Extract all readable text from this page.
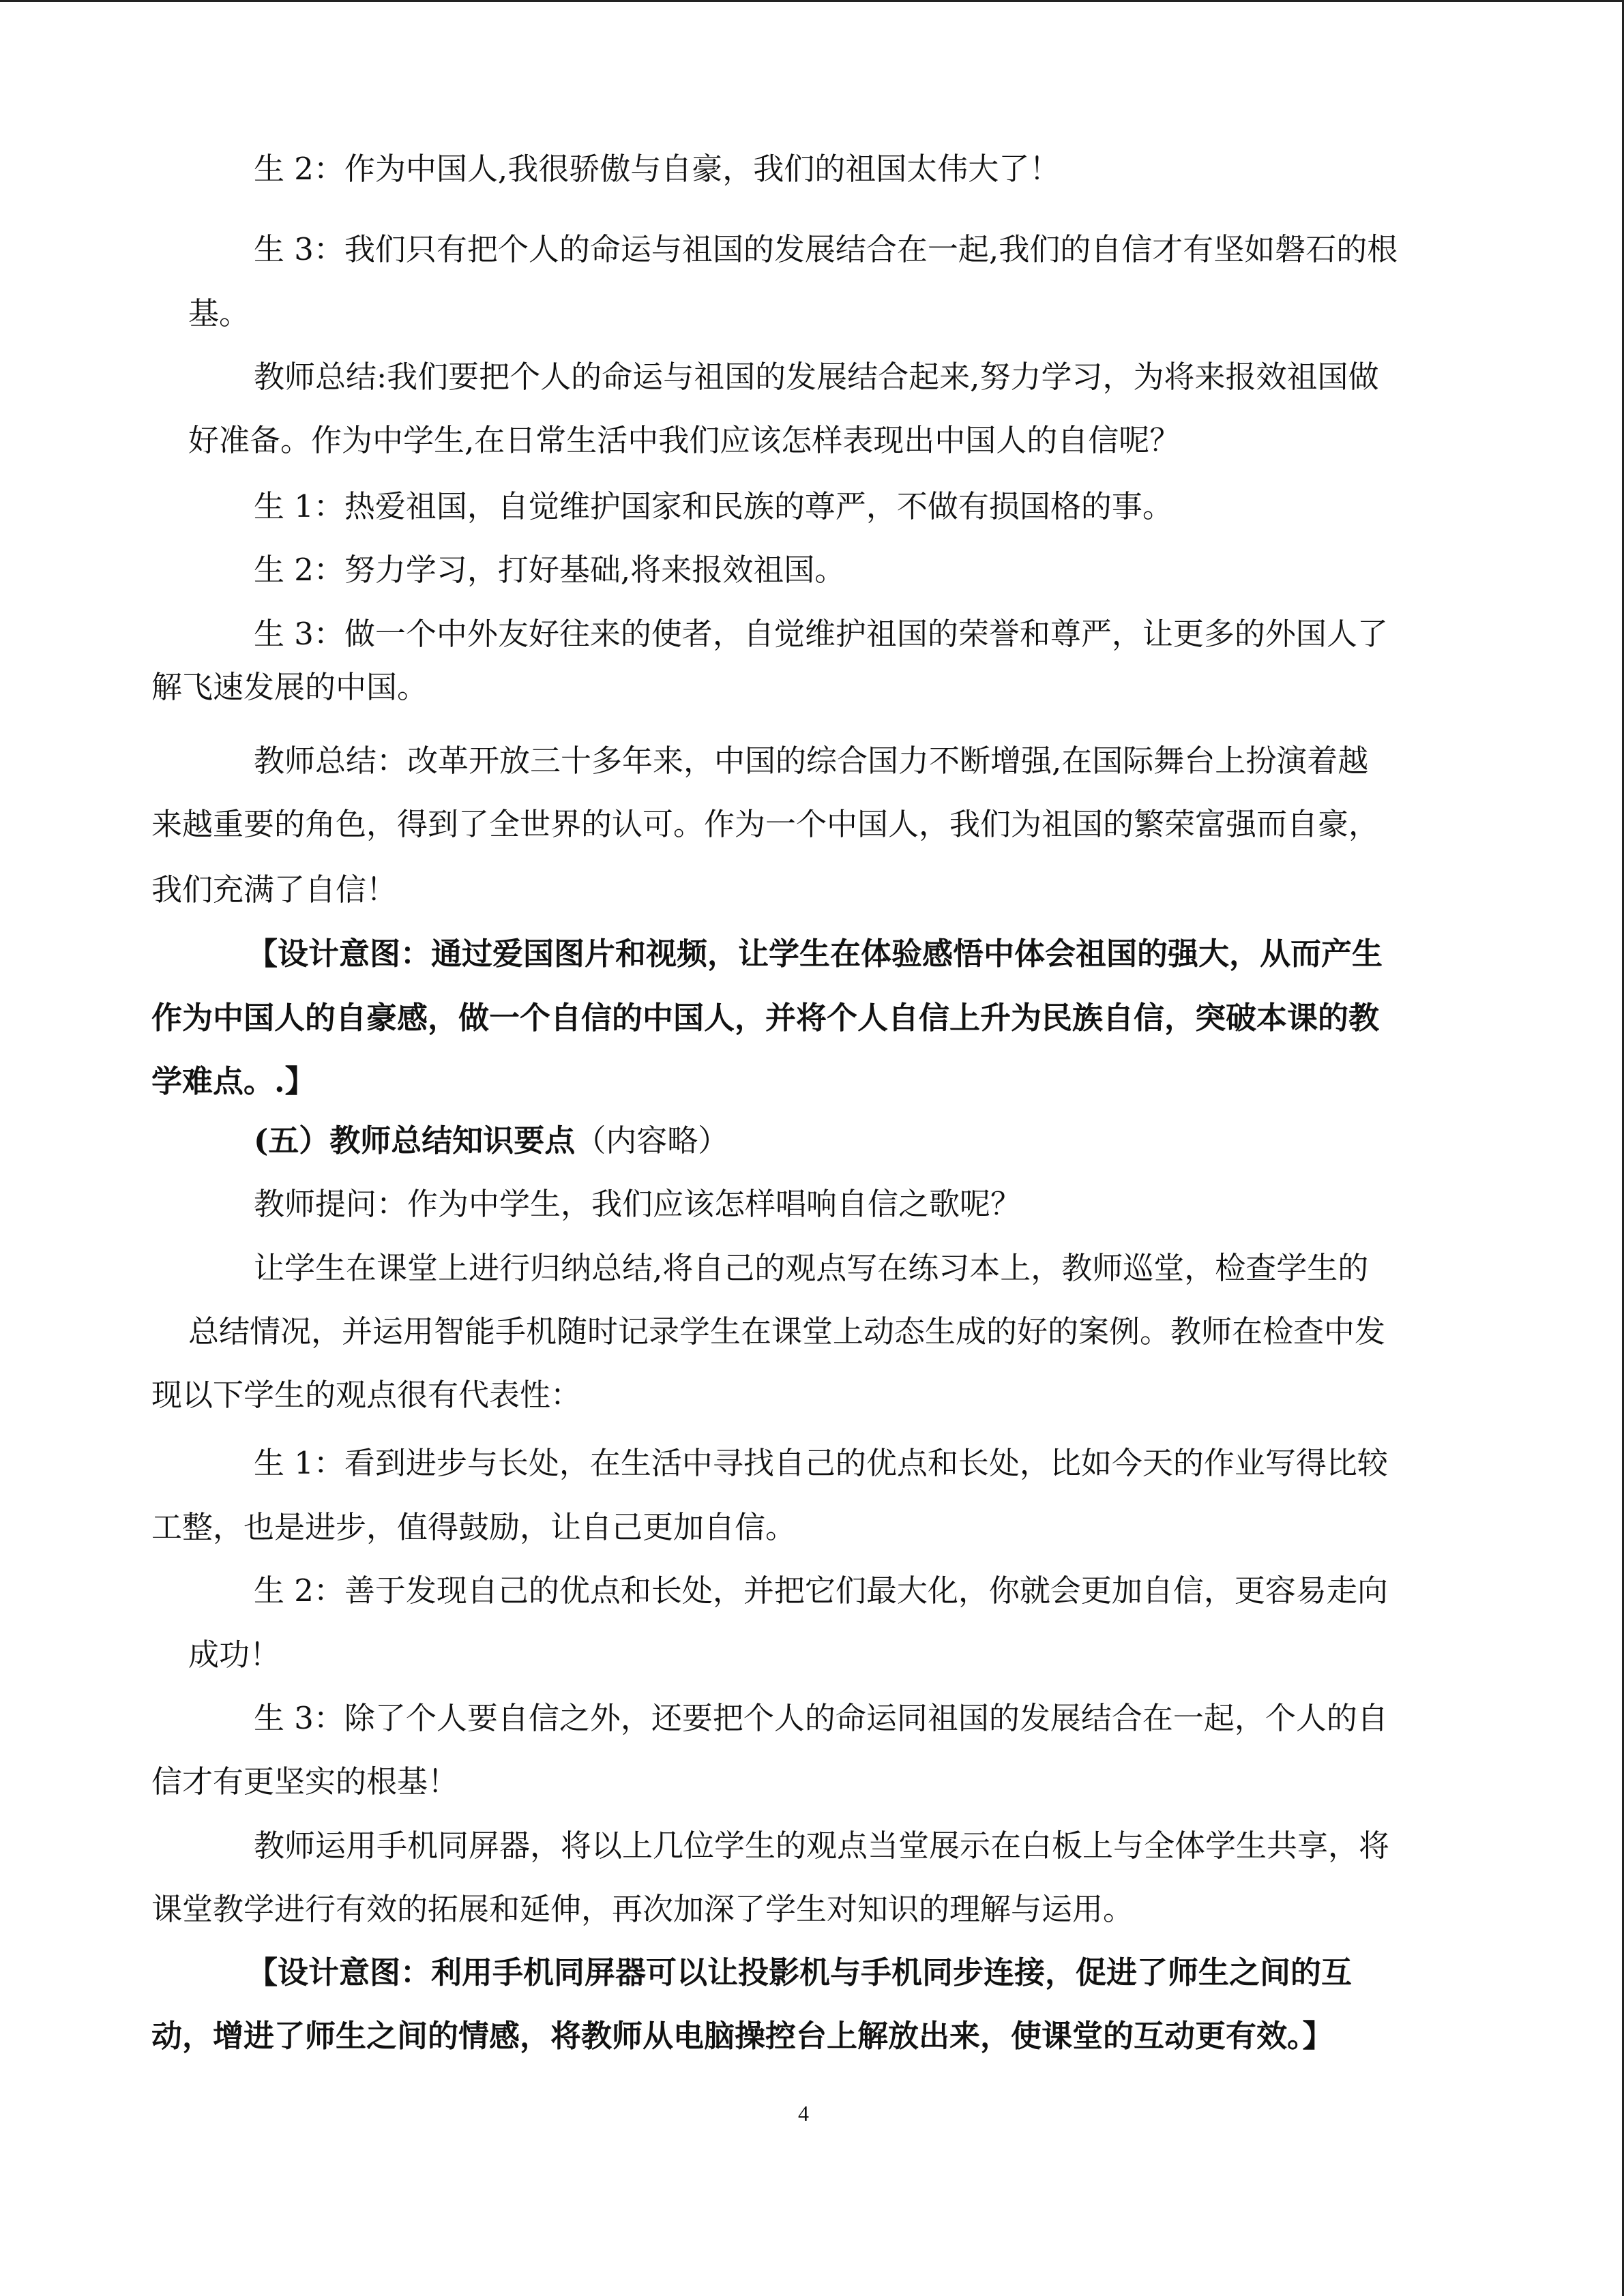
生 2：作为中国人,我很骄傲与自豪，我们的祖国太伟大了！
生 3：我们只有把个人的命运与祖国的发展结合在一起,我们的自信才有坚如磐石的根
基。
教师总结:我们要把个人的命运与祖国的发展结合起来,努力学习，为将来报效祖国做
好准备。作为中学生,在日常生活中我们应该怎样表现出中国人的自信呢？
生 1：热爱祖国，自觉维护国家和民族的尊严，不做有损国格的事。
生 2：努力学习，打好基础,将来报效祖国。
生 3：做一个中外友好往来的使者，自觉维护祖国的荣誉和尊严，让更多的外国人了
解飞速发展的中国。
教师总结：改革开放三十多年来，中国的综合国力不断增强,在国际舞台上扮演着越
来越重要的角色，得到了全世界的认可。作为一个中国人，我们为祖国的繁荣富强而自豪，
我们充满了自信！
【设计意图：通过爱国图片和视频，让学生在体验感悟中体会祖国的强大，从而产生
作为中国人的自豪感，做一个自信的中国人，并将个人自信上升为民族自信，突破本课的教
学难点。.】
(五）教师总结知识要点（内容略）
教师提问：作为中学生，我们应该怎样唱响自信之歌呢？
让学生在课堂上进行归纳总结,将自己的观点写在练习本上，教师巡堂，检查学生的
总结情况，并运用智能手机随时记录学生在课堂上动态生成的好的案例。教师在检查中发
现以下学生的观点很有代表性：
生 1：看到进步与长处，在生活中寻找自己的优点和长处，比如今天的作业写得比较
工整，也是进步，值得鼓励，让自己更加自信。
生 2：善于发现自己的优点和长处，并把它们最大化，你就会更加自信，更容易走向
成功！
生 3：除了个人要自信之外，还要把个人的命运同祖国的发展结合在一起，个人的自
信才有更坚实的根基！
教师运用手机同屏器，将以上几位学生的观点当堂展示在白板上与全体学生共享，将
课堂教学进行有效的拓展和延伸，再次加深了学生对知识的理解与运用。
【设计意图：利用手机同屏器可以让投影机与手机同步连接，促进了师生之间的互
动，增进了师生之间的情感，将教师从电脑操控台上解放出来，使课堂的互动更有效。】
4
